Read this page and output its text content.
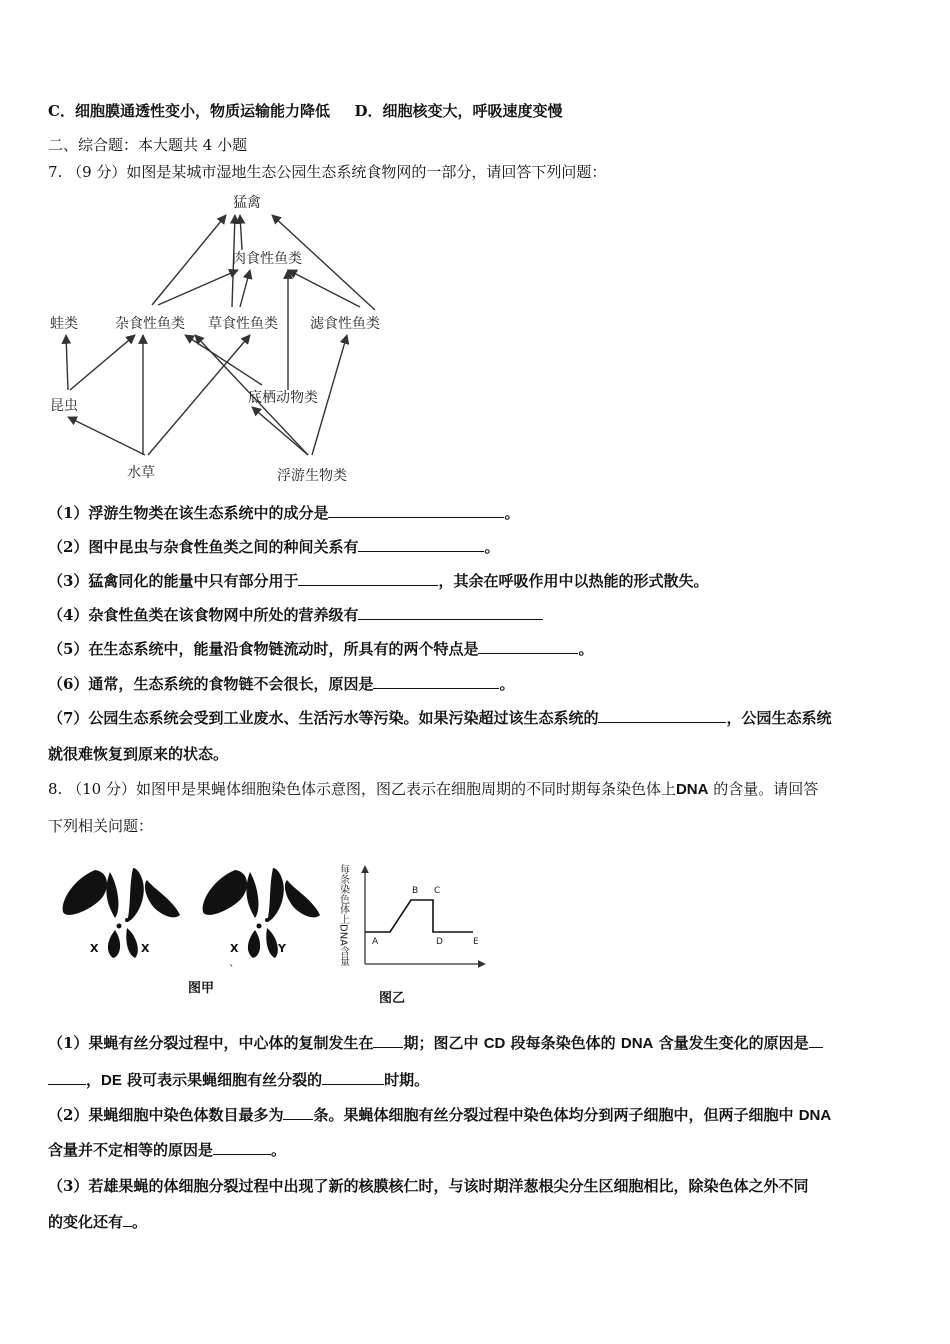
C．细胞膜通透性变小，物质运输能力降低 D．细胞核变大，呼吸速度变慢
二、综合题：本大题共 4 小题
7. （9 分）如图是某城市湿地生态公园生态系统食物网的一部分，请回答下列问题：
猛禽
肉食性鱼类
蛙类	杂食性鱼类 草食性鱼类 滤食性鱼类
昆虫	底栖动物类
水草	浮游生物类
（1）浮游生物类在该生态系统中的成分是	。
（2）图中昆虫与杂食性鱼类之间的种间关系有	。
（3）猛禽同化的能量中只有部分用于	，其余在呼吸作用中以热能的形式散失。
（4）杂食性鱼类在该食物网中所处的营养级有
（5）在生态系统中，能量沿食物链流动时，所具有的两个特点是	。
（6）通常，生态系统的食物链不会很长，原因是	。
（7）公园生态系统会受到工业废水、生活污水等污染。如果污染超过该生态系统的	，公园生态系统
就很难恢复到原来的状态。
8. （10 分）如图甲是果蝇体细胞染色体示意图，图乙表示在细胞周期的不同时期每条染色体上DNA 的含量。请回答
下列相关问题：
X	X	X	Y
`
图甲
每条染色体上DNA含量	A
B C
D	E
图乙
（1）果蝇有丝分裂过程中，中心体的复制发生在 期；图乙中 CD 段每条染色体的 DNA 含量发生变化的原因是
，DE 段可表示果蝇细胞有丝分裂的	时期。
（2）果蝇细胞中染色体数目最多为 条。果蝇体细胞有丝分裂过程中染色体均分到两子细胞中，但两子细胞中 DNA
含量并不定相等的原因是	。
（3）若雄果蝇的体细胞分裂过程中出现了新的核膜核仁时，与该时期洋葱根尖分生区细胞相比，除染色体之外不同
的变化还有 。
